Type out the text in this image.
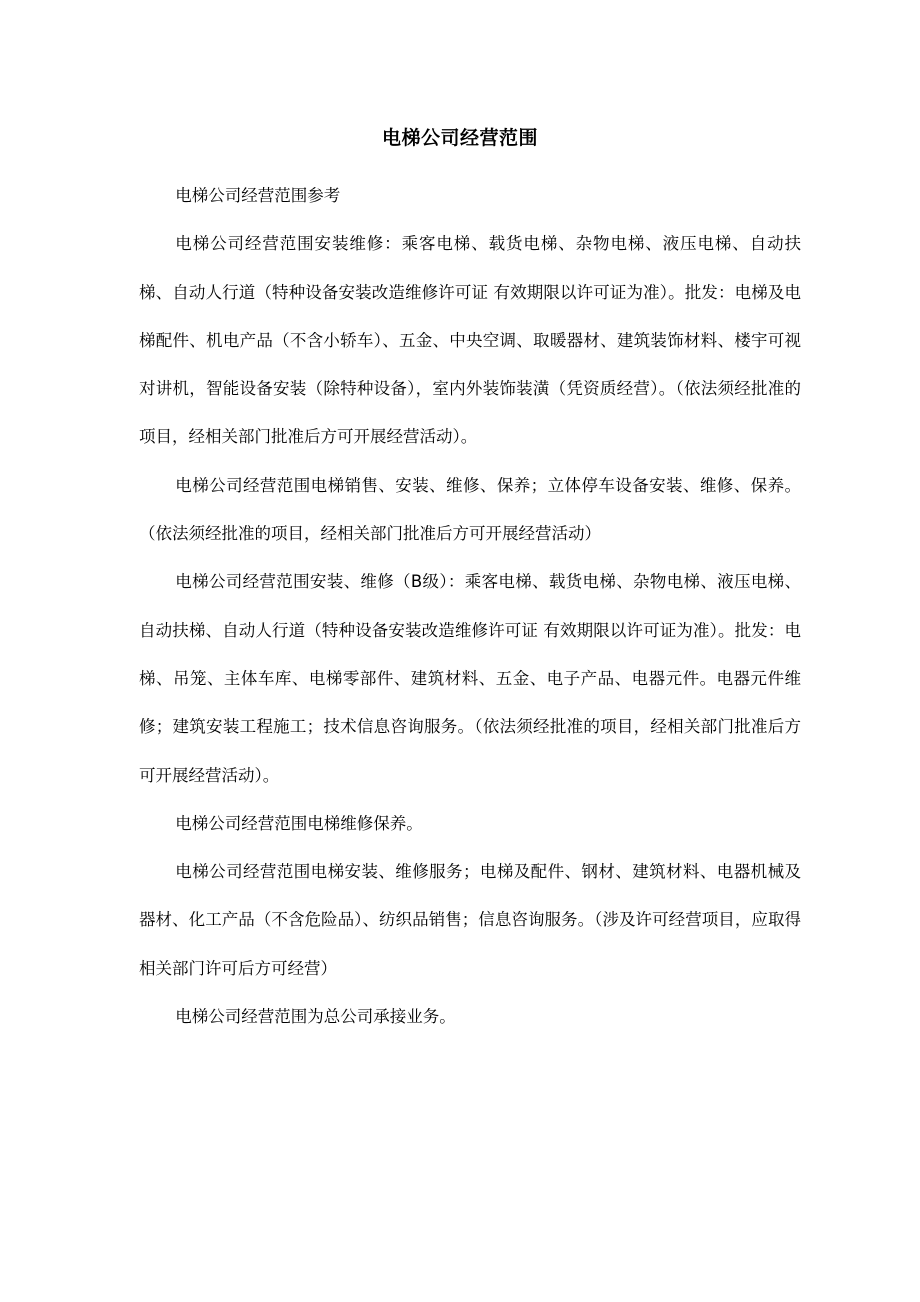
电梯公司经营范围

电梯公司经营范围参考

电梯公司经营范围安装维修：乘客电梯、载货电梯、杂物电梯、液压电梯、自动扶梯、自动人行道（特种设备安装改造维修许可证 有效期限以许可证为准）。批发：电梯及电梯配件、机电产品（不含小轿车）、五金、中央空调、取暖器材、建筑装饰材料、楼宇可视对讲机，智能设备安装（除特种设备），室内外装饰装潢（凭资质经营）。（依法须经批准的项目，经相关部门批准后方可开展经营活动）。

电梯公司经营范围电梯销售、安装、维修、保养；立体停车设备安装、维修、保养。（依法须经批准的项目，经相关部门批准后方可开展经营活动）

电梯公司经营范围安装、维修（B级）：乘客电梯、载货电梯、杂物电梯、液压电梯、自动扶梯、自动人行道（特种设备安装改造维修许可证 有效期限以许可证为准）。批发：电梯、吊笼、主体车库、电梯零部件、建筑材料、五金、电子产品、电器元件。电器元件维修；建筑安装工程施工；技术信息咨询服务。（依法须经批准的项目，经相关部门批准后方可开展经营活动）。

电梯公司经营范围电梯维修保养。

电梯公司经营范围电梯安装、维修服务；电梯及配件、钢材、建筑材料、电器机械及器材、化工产品（不含危险品）、纺织品销售；信息咨询服务。（涉及许可经营项目，应取得相关部门许可后方可经营）

电梯公司经营范围为总公司承接业务。
